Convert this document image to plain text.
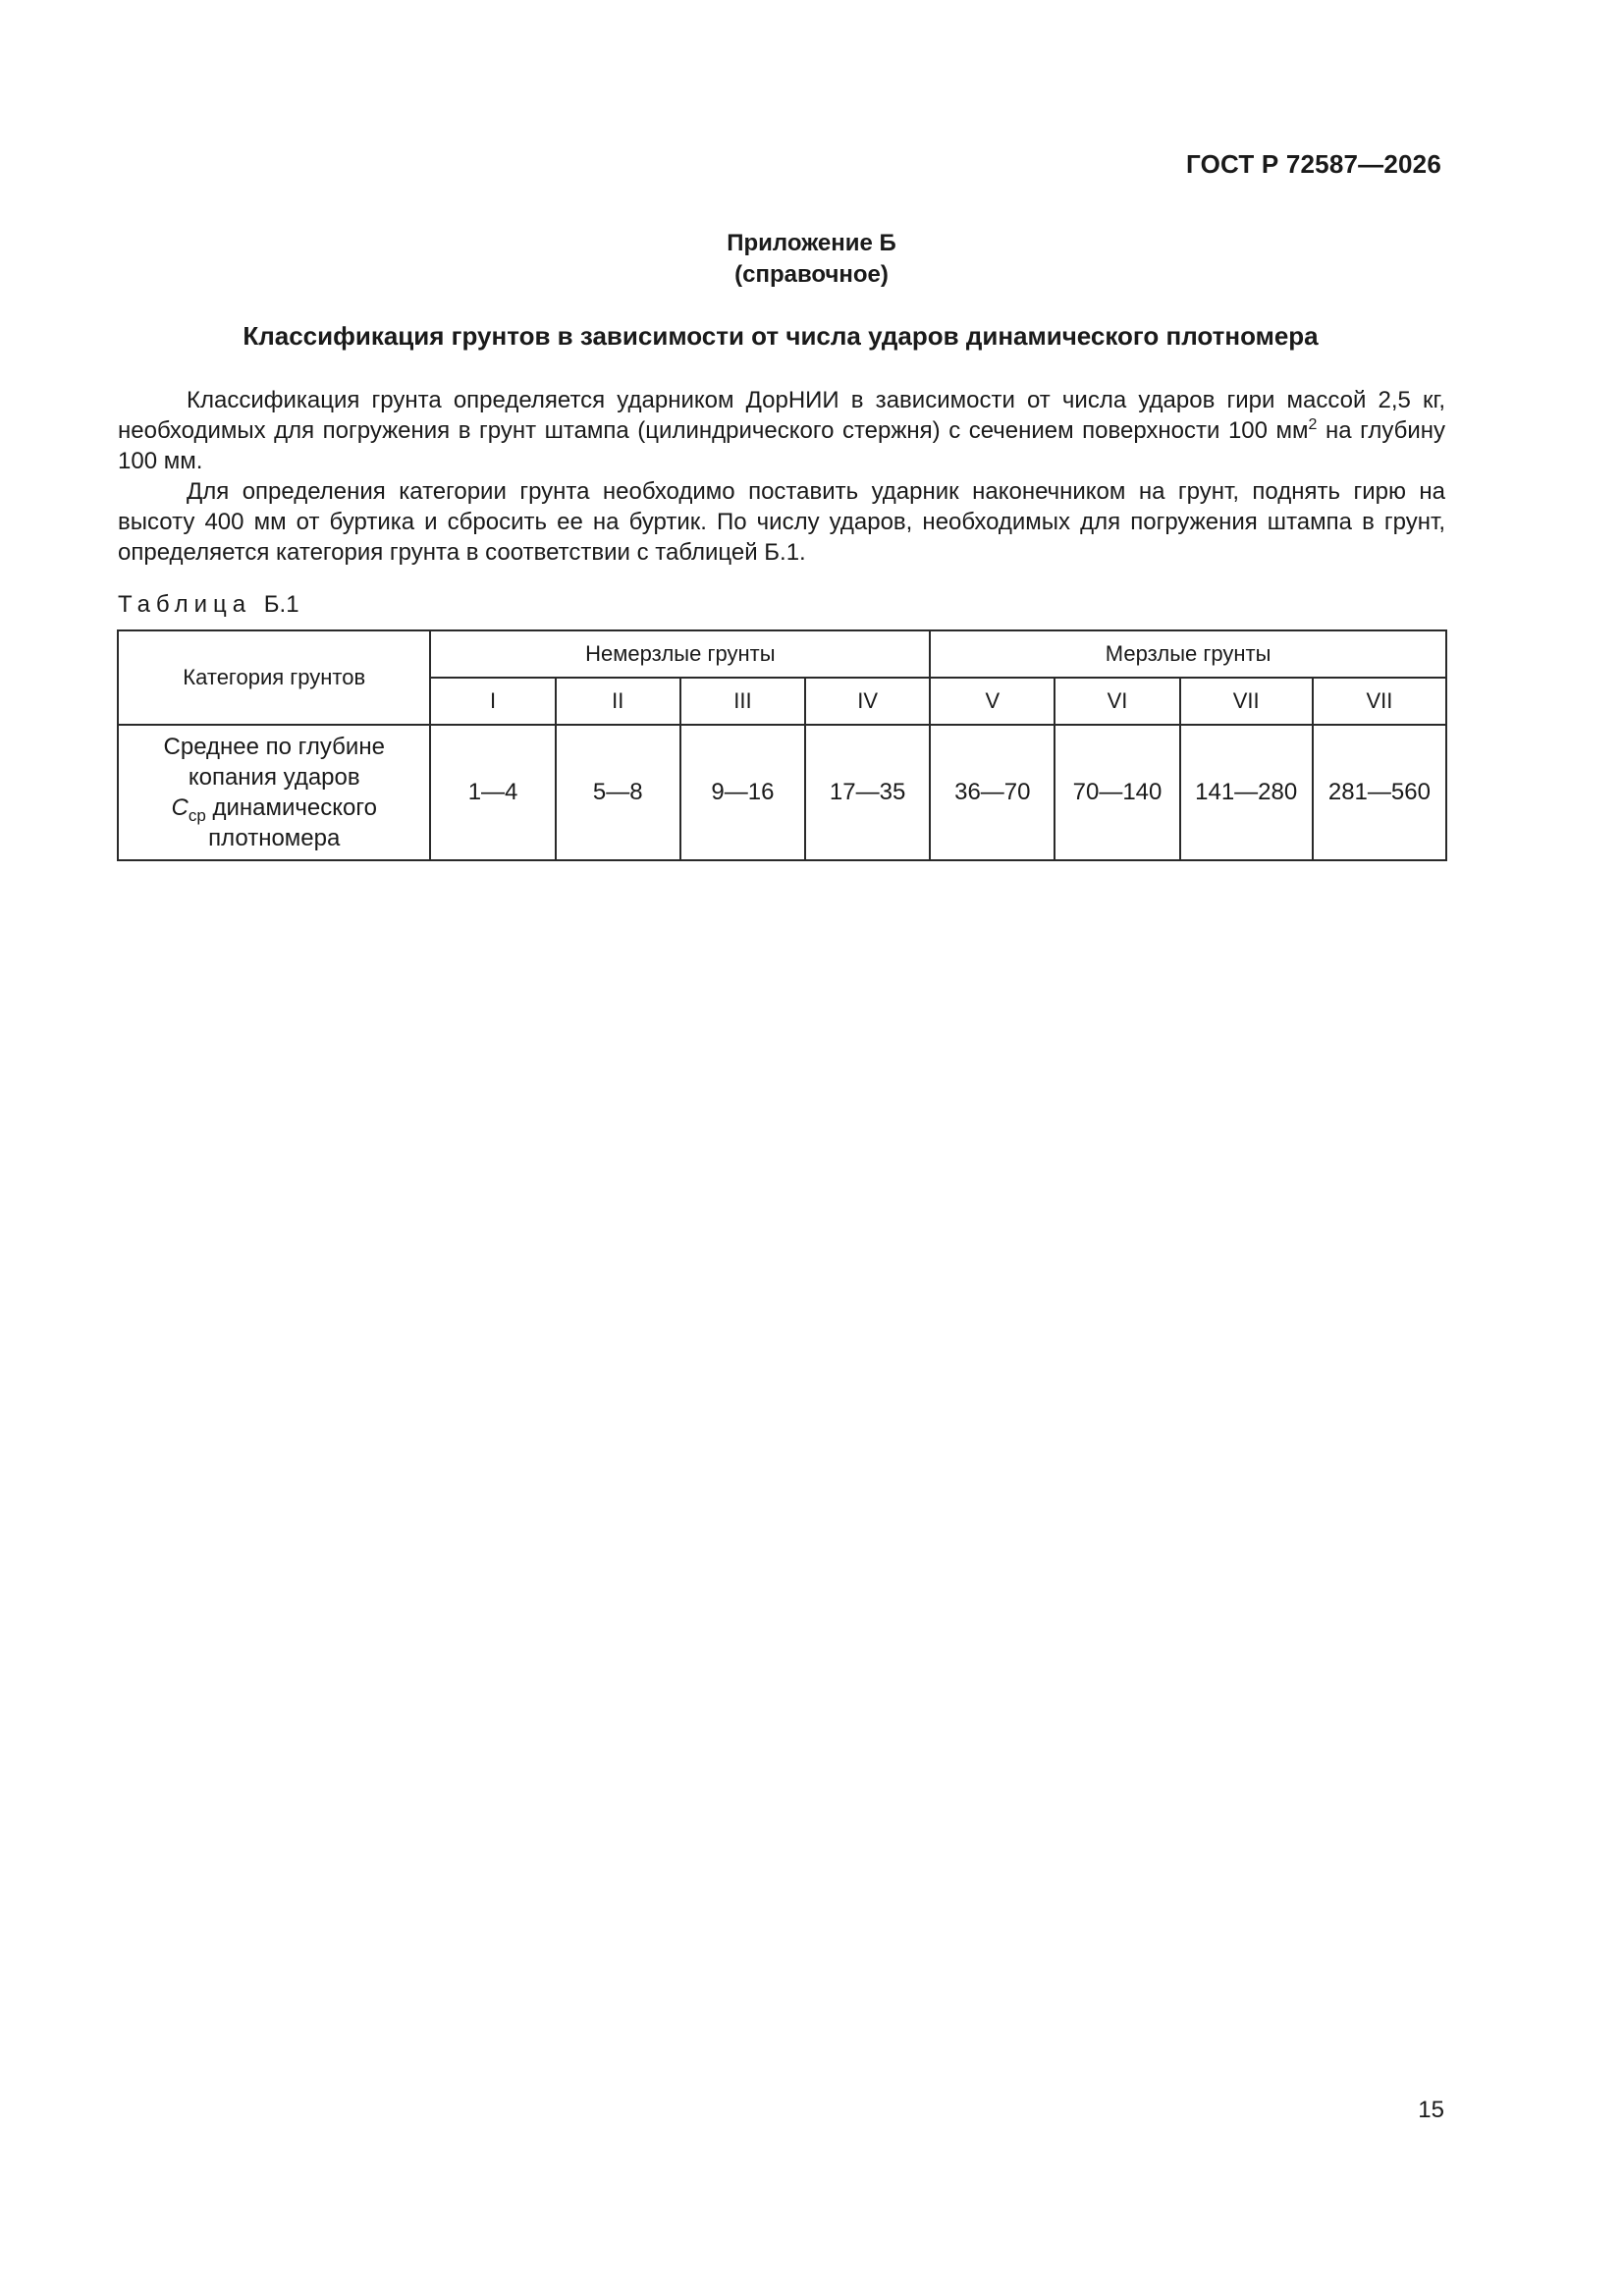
ГОСТ Р 72587—2026
Приложение Б
(справочное)
Классификация грунтов в зависимости от числа ударов динамического плотномера

Классификация грунта определяется ударником ДорНИИ в зависимости от числа ударов гири массой 2,5 кг, необходимых для погружения в грунт штампа (цилиндрического стержня) с сечением поверхности 100 $мм^2$ на глубину 100 мм.

Для определения категории грунта необходимо поставить ударник наконечником на грунт, поднять гирю на высоту 400 мм от буртика и сбросить ее на буртик. По числу ударов, необходимых для погружения штампа в грунт, определяется категория грунта в соответствии с таблицей Б.1.

Таблица Б.1
Категория грунтов	Немерзлые грунты				Мерзлые грунты			
	I	II	III	IV	V	VI	VII	VII

Среднее по глубине
копания ударов
$C_{ср}$ динамического
плотномера	1—4	5—8	9—16	17—35	36—70	70—140	141—280	281—560
15
